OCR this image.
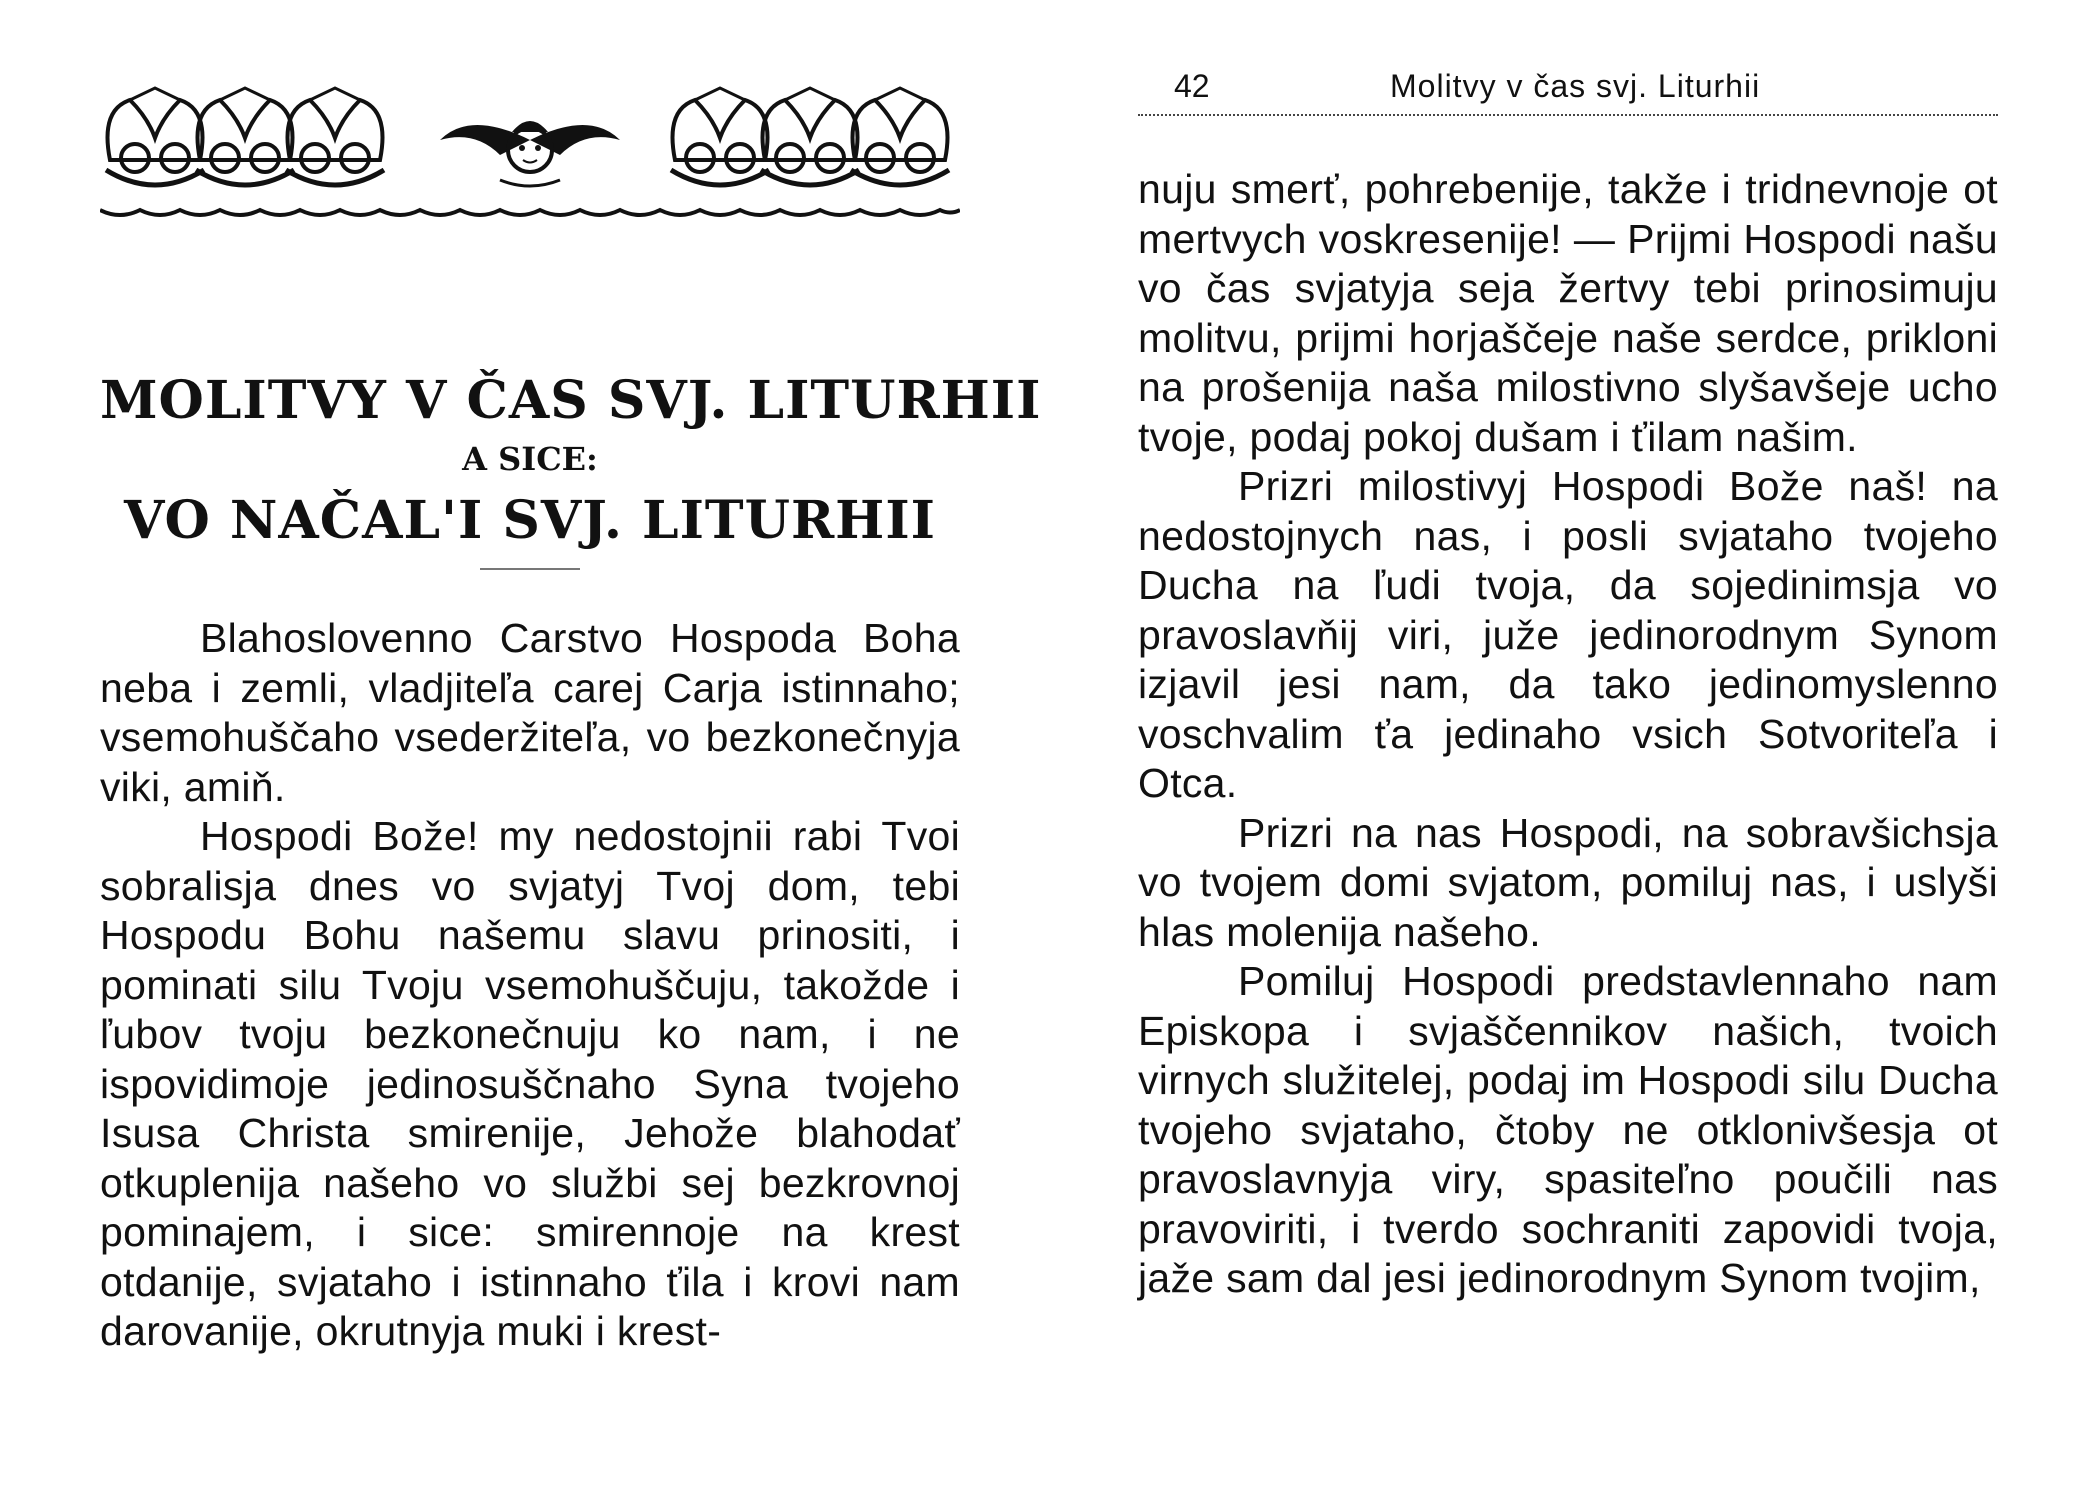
MOLITVY V ČAS SVJ. LITURHII
A SICE:
VO NAČAL'I SVJ. LITURHII

Blahoslovenno Carstvo Hospoda Boha neba i zemli, vladjiteľa carej Carja istinnaho; vsemohuščaho vsederžiteľa, vo bezkonečnyja viki, amiň.

Hospodi Bože! my nedostojnii rabi Tvoi sobralisja dnes vo svjatyj Tvoj dom, tebi Hospodu Bohu našemu slavu prinositi, i pominati silu Tvoju vsemohuščuju, takožde i ľubov tvoju bezkonečnuju ko nam, i ne ispovidimoje jedinosuščnaho Syna tvojeho Isusa Christa smirenije, Jehože blahodať otkuplenija našeho vo službi sej bezkrovnoj pominajem, i sice: smirennoje na krest otdanije, svjataho i istinnaho ťila i krovi nam darovanije, okrutnyja muki i krest-

42	Molitvy v čas svj. Liturhii

nuju smerť, pohrebenije, takže i tridnevnoje ot mertvych voskresenije! — Prijmi Hospodi našu vo čas svjatyja seja žertvy tebi prinosimuju molitvu, prijmi horjaščeje naše serdce, prikloni na prošenija naša milostivno slyšavšeje ucho tvoje, podaj pokoj dušam i ťilam našim.

Prizri milostivyj Hospodi Bože naš! na nedostojnych nas, i posli svjataho tvojeho Ducha na ľudi tvoja, da sojedinimsja vo pravoslavňij viri, juže jedinorodnym Synom izjavil jesi nam, da tako jedinomyslenno voschvalim ťa jedinaho vsich Sotvoriteľa i Otca.

Prizri na nas Hospodi, na sobravšichsja vo tvojem domi svjatom, pomiluj nas, i uslyši hlas molenija našeho.

Pomiluj Hospodi predstavlennaho nam Episkopa i svjaščennikov našich, tvoich virnych služitelej, podaj im Hospodi silu Ducha tvojeho svjataho, čtoby ne otklonivšesja ot pravoslavnyja viry, spasiteľno poučili nas pravoviriti, i tverdo sochraniti zapovidi tvoja, jaže sam dal jesi jedinorodnym Synom tvojim,
